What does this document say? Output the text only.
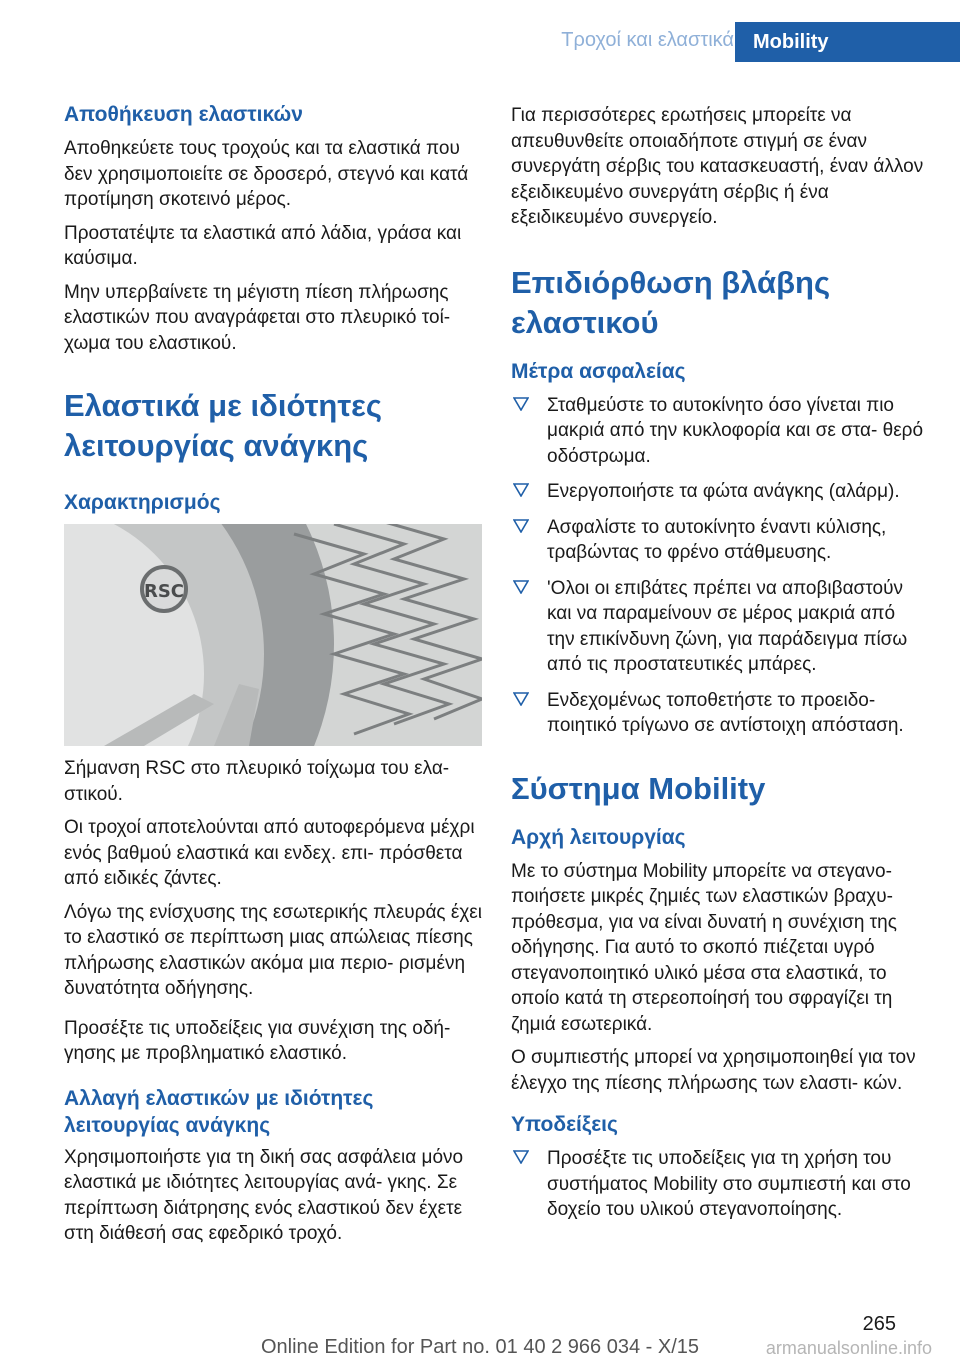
Τροχοί και ελαστικά Mobility
Αποθήκευση ελαστικών

Αποθηκεύετε τους τροχούς και τα ελαστικά που δεν χρησιμοποιείτε σε δροσερό, στεγνό και κατά προτίμηση σκοτεινό μέρος.

Προστατέψτε τα ελαστικά από λάδια, γράσα και καύσιμα.

Μην υπερβαίνετε τη μέγιστη πίεση πλήρωσης ελαστικών που αναγράφεται στο πλευρικό τοί‐ χωμα του ελαστικού.

Ελαστικά με ιδιότητες λειτουργίας ανάγκης
Χαρακτηρισμός
RSC

Σήμανση RSC στο πλευρικό τοίχωμα του ελα‐ στικού.

Οι τροχοί αποτελούνται από αυτοφερόμενα μέχρι ενός βαθμού ελαστικά και ενδεχ. επι‐ πρόσθετα από ειδικές ζάντες.

Λόγω της ενίσχυσης της εσωτερικής πλευράς έχει το ελαστικό σε περίπτωση μιας απώλειας πίεσης πλήρωσης ελαστικών ακόμα μια περιο‐ ρισμένη δυνατότητα οδήγησης.

Προσέξτε τις υποδείξεις για συνέχιση της οδή‐ γησης με προβληματικό ελαστικό.

Αλλαγή ελαστικών με ιδιότητες λειτουργίας ανάγκης

Χρησιμοποιήστε για τη δική σας ασφάλεια μόνο ελαστικά με ιδιότητες λειτουργίας ανά‐ γκης. Σε περίπτωση διάτρησης ενός ελαστικού δεν έχετε στη διάθεσή σας εφεδρικό τροχό.

Για περισσότερες ερωτήσεις μπορείτε να απευθυνθείτε οποιαδήποτε στιγμή σε έναν συνεργάτη σέρβις του κατασκευαστή, έναν άλλον εξειδικευμένο συνεργάτη σέρβις ή ένα εξειδικευμένο συνεργείο.

Επιδιόρθωση βλάβης ελαστικού
Μέτρα ασφαλείας
Σταθμεύστε το αυτοκίνητο όσο γίνεται πιο μακριά από την κυκλοφορία και σε στα‐ θερό οδόστρωμα.
Ενεργοποιήστε τα φώτα ανάγκης (αλάρμ).
Ασφαλίστε το αυτοκίνητο έναντι κύλισης, τραβώντας το φρένο στάθμευσης.
'Ολοι οι επιβάτες πρέπει να αποβιβαστούν και να παραμείνουν σε μέρος μακριά από την επικίνδυνη ζώνη, για παράδειγμα πίσω από τις προστατευτικές μπάρες.
Ενδεχομένως τοποθετήστε το προειδο‐ ποιητικό τρίγωνο σε αντίστοιχη απόσταση.
Σύστημα Mobility
Αρχή λειτουργίας

Με το σύστημα Mobility μπορείτε να στεγανο‐ ποιήσετε μικρές ζημιές των ελαστικών βραχυ‐ πρόθεσμα, για να είναι δυνατή η συνέχιση της οδήγησης. Για αυτό το σκοπό πιέζεται υγρό στεγανοποιητικό υλικό μέσα στα ελαστικά, το οποίο κατά τη στερεοποίησή του σφραγίζει τη ζημιά εσωτερικά.

Ο συμπιεστής μπορεί να χρησιμοποιηθεί για τον έλεγχο της πίεσης πλήρωσης των ελαστι‐ κών.

Υποδείξεις
Προσέξτε τις υποδείξεις για τη χρήση του συστήματος Mobility στο συμπιεστή και στο δοχείο του υλικού στεγανοποίησης.
265
Online Edition for Part no. 01 40 2 966 034 - X/15	armanualsonline.info
